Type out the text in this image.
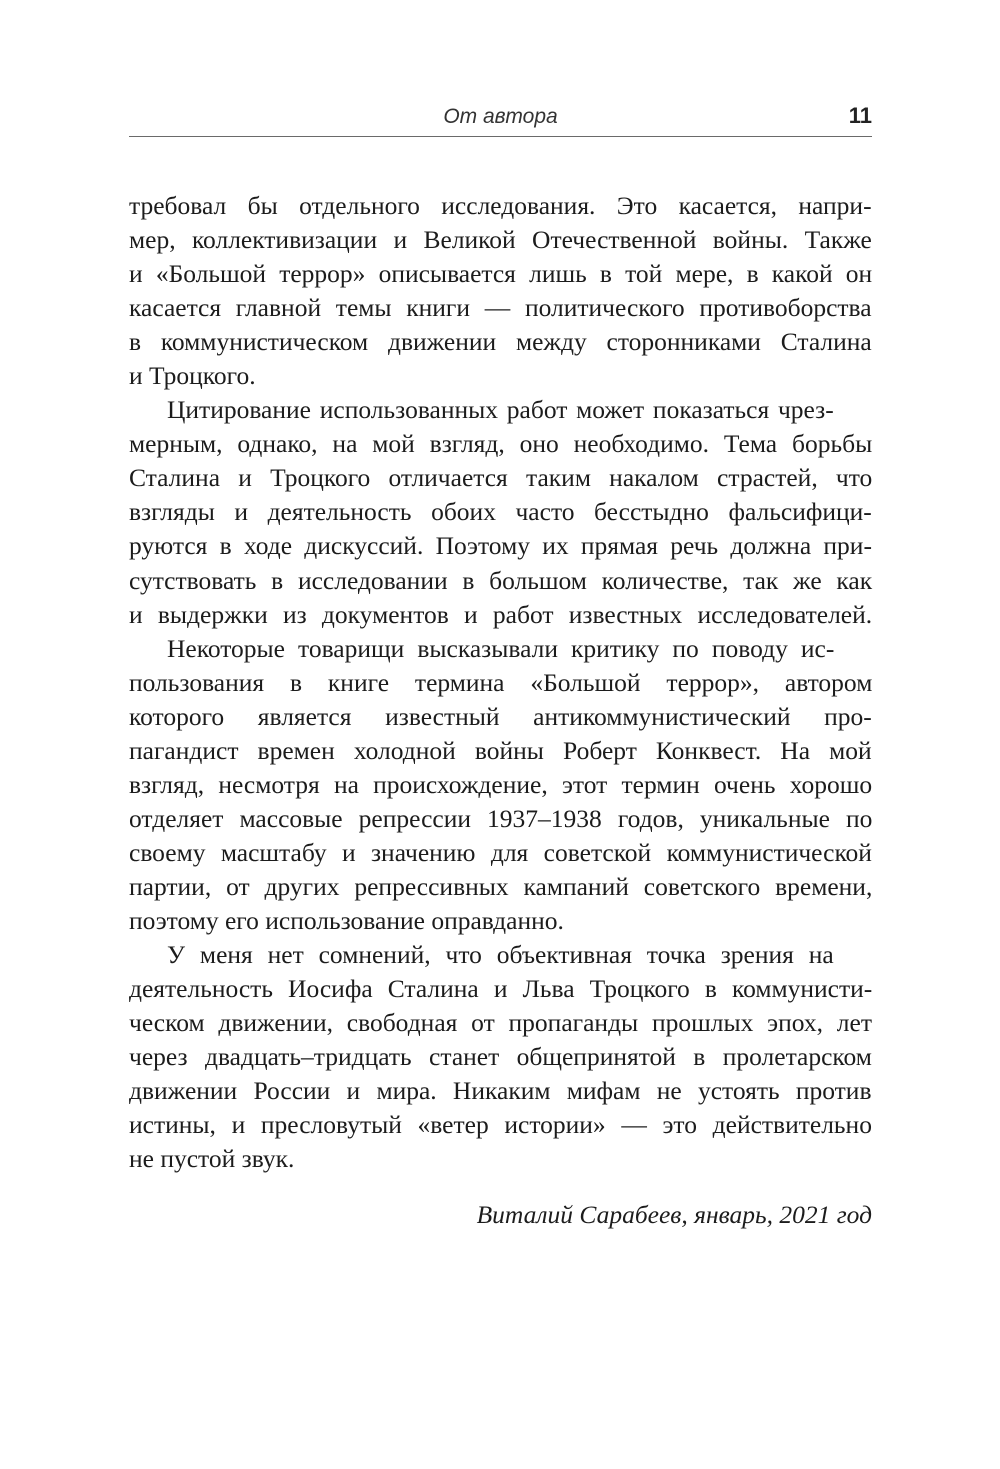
От автора	11

требовал бы отдельного исследования. Это касается, напри-
мер, коллективизации и Великой Отечественной войны. Также
и «Большой террор» описывается лишь в той мере, в какой он
касается главной темы книги — политического противоборства
в коммунистическом движении между сторонниками Сталина
и Троцкого.

Цитирование использованных работ может показаться чрез-
мерным, однако, на мой взгляд, оно необходимо. Тема борьбы
Сталина и Троцкого отличается таким накалом страстей, что
взгляды и деятельность обоих часто бесстыдно фальсифици-
руются в ходе дискуссий. Поэтому их прямая речь должна при-
сутствовать в исследовании в большом количестве, так же как
и выдержки из документов и работ известных исследователей.

Некоторые товарищи высказывали критику по поводу ис-
пользования в книге термина «Большой террор», автором
которого является известный антикоммунистический про-
пагандист времен холодной войны Роберт Конквест. На мой
взгляд, несмотря на происхождение, этот термин очень хорошо
отделяет массовые репрессии 1937–1938 годов, уникальные по
своему масштабу и значению для советской коммунистической
партии, от других репрессивных кампаний советского времени,
поэтому его использование оправданно.

У меня нет сомнений, что объективная точка зрения на
деятельность Иосифа Сталина и Льва Троцкого в коммунисти-
ческом движении, свободная от пропаганды прошлых эпох, лет
через двадцать–тридцать станет общепринятой в пролетарском
движении России и мира. Никаким мифам не устоять против
истины, и пресловутый «ветер истории» — это действительно
не пустой звук.

Виталий Сарабеев, январь, 2021 год
